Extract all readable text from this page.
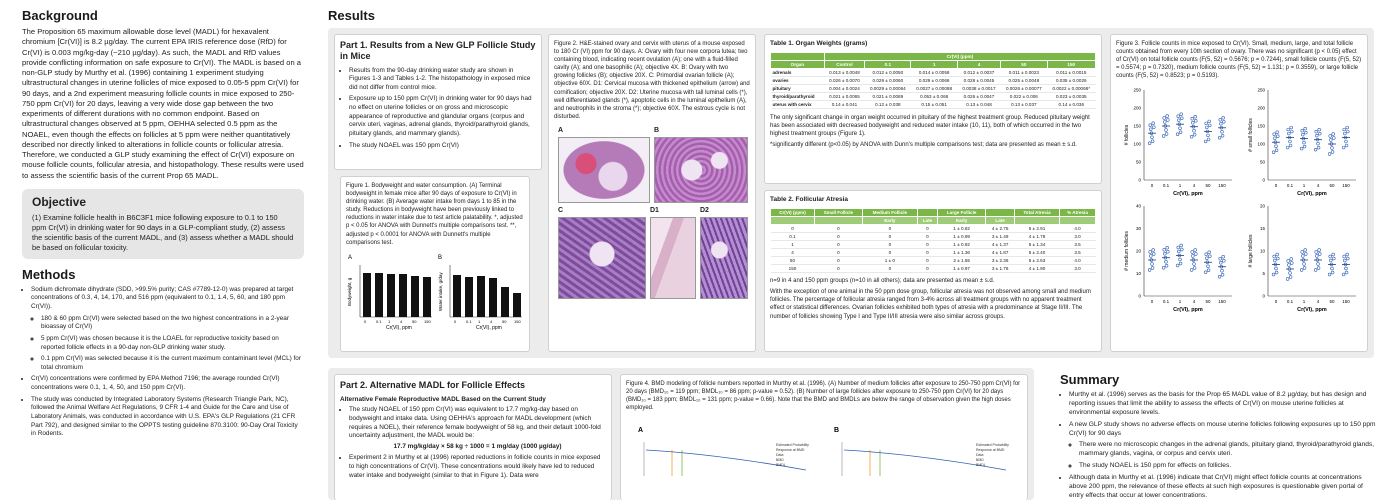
Background

The Proposition 65 maximum allowable dose level (MADL) for hexavalent chromium [Cr(VI)] is 8.2 µg/day. The current EPA IRIS reference dose (RfD) for Cr(VI) is 0.003 mg/kg-day (~210 µg/day). As such, the MADL and RfD values provide conflicting information on safe exposure to Cr(VI). The MADL is based on a non-GLP study by Murthy et al. (1996) containing 1 experiment studying ultrastructural changes in uterine follicles of mice exposed to 0.05-5 ppm Cr(VI) for 90 days, and a 2nd experiment measuring follicle counts in mice exposed to 250-750 ppm Cr(VI) for 20 days, leaving a very wide dose gap between the two experiments of different durations with no common endpoint. Based on ultrastructural changes observed at 5 ppm, OEHHA selected 0.5 ppm as the NOAEL, even though the effects on follicles at 5 ppm were neither quantitatively described nor directly linked to alterations in follicle counts or follicular atresia. Therefore, we conducted a GLP study examining the effect of Cr(VI) exposure on mouse follicle counts, follicular atresia, and histopathology. These results were used to assess the scientific basis of the current Prop 65 MADL.

Objective

(1) Examine follicle health in B6C3F1 mice following exposure to 0.1 to 150 ppm Cr(VI) in drinking water for 90 days in a GLP-compliant study, (2) assess the scientific basis of the current MADL, and (3) assess whether a MADL should be based on follicular toxicity.

Methods
• Sodium dichromate dihydrate (SDD, >99.5% purity; CAS #7789-12-0) was prepared at target concentrations of 0.3, 4, 14, 170, and 516 ppm (equivalent to 0.1, 1.4, 5, 60, and 180 ppm Cr(VI)).
◦ 180 & 60 ppm Cr(VI) were selected based on the two highest concentrations in a 2-year bioassay of Cr(VI)
◦ 5 ppm Cr(VI) was chosen because it is the LOAEL for reproductive toxicity based on reported follicle effects in a 90-day non-GLP drinking water study.
◦ 0.1 ppm Cr(VI) was selected because it is the current maximum contaminant level (MCL) for total chromium
• Cr(VI) concentrations were confirmed by EPA Method 7196; the average rounded Cr(VI) concentrations were 0.1, 1, 4, 50, and 150 ppm Cr(VI).
• The study was conducted by Integrated Laboratory Systems (Research Triangle Park, NC), followed the Animal Welfare Act Regulations, 9 CFR 1-4 and Guide for the Care and Use of Laboratory Animals, was conducted in accordance with U.S. EPA's GLP Regulations (21 CFR Part 792), and designed similar to the OPPTS testing guideline 870.3100: 90-Day Oral Toxicity in Rodents.
Results
Part 1. Results from a New GLP Follicle Study in Mice
• Results from the 90-day drinking water study are shown in Figures 1-3 and Tables 1-2. The histopathology in exposed mice did not differ from control mice.
• Exposure up to 150 ppm Cr(VI) in drinking water for 90 days had no effect on uterine follicles or on gross and microscopic appearance of reproductive and glandular organs (corpus and cervix uteri, vaginas, adrenal glands, thyroid/parathyroid glands, pituitary glands, and mammary glands).
• The study NOAEL was 150 ppm Cr(VI)

Figure 1. Bodyweight and water consumption. (A) Terminal bodyweight in female mice after 90 days of exposure to Cr(VI) in drinking water. (B) Average water intake from days 1 to 85 in the study. Reductions in bodyweight have been previously linked to reductions in water intake due to test article palatability. *, adjusted p < 0.05 for ANOVA with Dunnett's multiple comparisons test. **, adjusted p < 0.0001 for ANOVA with Dunnett's multiple comparisons test.

A	B
0 0.1 1 4 50 150	0 0.1 1 4 50 150
Cr(VI), ppm	Cr(VI), ppm
Bodyweight, g	Water intake, g/day

Figure 2. H&E-stained ovary and cervix with uterus of a mouse exposed to 180 Cr (VI) ppm for 90 days. A: Ovary with four new corpora lutea; two containing blood, indicating recent ovulation (A); one with a fluid-filled cavity (A); and one basophilic (A); objective 4X. B: Ovary with two growing follicles (B); objective 20X. C: Primordial ovarian follicle (A); objective 60X. D1: Cervical mucosa with thickened epithelium (arrow) and cornification; objective 20X. D2: Uterine mucosa with tall luminal cells (*), well differentiated glands (*), apoptotic cells in the luminal epithelium (A), and neutrophils in the stroma (*); objective 60X. The estrous cycle is not disturbed.

A	B
C	D1	D2
Table 1. Organ Weights (grams)
	Cr(VI) (ppm)					
Organ	Control	0.1	1	4	50	150
adrenals	0.013 ± 0.0048	0.012 ± 0.0050	0.014 ± 0.0058	0.012 ± 0.0037	0.011 ± 0.0023	0.011 ± 0.0015
ovaries	0.026 ± 0.0070	0.029 ± 0.0060	0.029 ± 0.0066	0.028 ± 0.0045	0.025 ± 0.0048	0.035 ± 0.0026
pituitary	0.004 ± 0.0024	0.0029 ± 0.00064	0.0027 ± 0.00088	0.0038 ± 0.0017	0.0026 ± 0.00077	0.0022 ± 0.00068*
thyroid/parathyroid	0.021 ± 0.0065	0.021 ± 0.0089	0.053 ± 0.068	0.026 ± 0.0047	0.022 ± 0.006	0.023 ± 0.0035
uterus with cervix	0.14 ± 0.041	0.12 ± 0.038	0.15 ± 0.051	0.13 ± 0.048	0.13 ± 0.037	0.14 ± 0.036

The only significant change in organ weight occurred in pituitary of the highest treatment group. Reduced pituitary weight has been associated with decreased bodyweight and reduced water intake (10, 11), both of which occurred in the two highest treatment groups (Figure 1).

*significantly different (p<0.05) by ANOVA with Dunn's multiple comparisons test; data are presented as mean ± s.d.

Table 2. Follicular Atresia
Cr(VI) (ppm)	Small Follicle	Medium Follicle		Large Follicle		Total Atresia	% Atresia
		Early	Late	Early	Late		
0	0	0	0	1 ± 0.82	4 ± 2.75	5 ± 2.91	4.0
0.1	0	0	0	1 ± 0.99	3 ± 1.49	4 ± 1.78	3.0
1	0	0	0	1 ± 0.92	4 ± 1.37	5 ± 1.34	3.5
4	0	0	0	1 ± 1.36	4 ± 1.87	5 ± 2.40	3.5
50	0	1 ± 0	0	2 ± 1.55	3 ± 2.36	5 ± 2.63	4.0
150	0	0	0	1 ± 0.97	3 ± 1.76	4 ± 1.90	3.0

n=9 in 4 and 150 ppm groups (n=10 in all others); data are presented as mean ± s.d.

With the exception of one animal in the 50 ppm dose group, follicular atresia was not observed among small and medium follicles. The percentage of follicular atresia ranged from 3-4% across all treatment groups with no apparent treatment effect or statistical differences. Ovarian follicles exhibited both types of atresia with a predominance at Stage II/III. The number of follicles showing Type I and Type II/III atresia were also similar across groups.

Figure 3. Follicle counts in mice exposed to Cr(VI). Small, medium, large, and total follicle counts obtained from every 10th section of ovary. There was no significant (p < 0.05) effect of Cr(VI) on total follicle counts (F(5, 52) = 0.5676; p = 0.7244), small follicle counts (F(5, 52) = 0.5574; p = 0.7320), medium follicle counts (F(5, 52) = 1.131; p = 0.3559), or large follicle counts (F(5, 52) = 0.8523; p = 0.5193).

0
50
100
150
200
250
# follicles
0 0.1 1	4 50 150
Cr(VI), ppm
0
50
100
150
200
250
# small follicles
0 0.1 1	4 50 150
Cr(VI), ppm
0
10
20
30
40
# medium follicles
0 0.1 1	4 50 150
Cr(VI), ppm
0
5
10
15
20
# large follicles
0 0.1 1	4 50 150
Cr(VI), ppm
Part 2. Alternative MADL for Follicle Effects

Alternative Female Reproductive MADL Based on the Current Study

• The study NOAEL of 150 ppm Cr(VI) was equivalent to 17.7 mg/kg-day based on bodyweight and intake data. Using OEHHA's approach for MADL development (which requires a NOEL), their reference female bodyweight of 58 kg, and their default 1000-fold uncertainty adjustment, the MADL would be:
17.7 mg/kg/day × 58 kg ÷ 1000 = 1 mg/day (1000 µg/day)
• Experiment 2 in Murthy et al (1996) reported reductions in follicle counts in mice exposed to high concentrations of Cr(VI). These concentrations would likely have led to reduced water intake and bodyweight (similar to that in Figure 1). Data were

Figure 4. BMD modeling of follicle numbers reported in Murthy et al. (1996). (A) Number of medium follicles after exposure to 250-750 ppm Cr(VI) for 20 days (BMD₁₀ = 119 ppm; BMDL₁₀ = 86 ppm; p-value = 0.52). (B) Number of large follicles after exposure to 250-750 ppm Cr(VI) for 20 days (BMD₁₀ = 183 ppm; BMDL₁₀ = 131 ppm; p-value = 0.66). Note that the BMD and BMDLs are below the range of observation given the high doses employed.

A	B
Estimated Probability
Response at BMD
Data
BMD
BMDL
Estimated Probability
Response at BMD
Data
BMD
BMDL
Summary
• Murthy et al. (1996) serves as the basis for the Prop 65 MADL value of 8.2 µg/day, but has design and reporting issues that limit the ability to assess the effects of Cr(VI) on mouse uterine follicles at environmental exposure levels.
• A new GLP study shows no adverse effects on mouse uterine follicles following exposures up to 150 ppm Cr(VI) for 90 days
◦ There were no microscopic changes in the adrenal glands, pituitary gland, thyroid/parathyroid glands, mammary glands, vagina, or corpus and cervix uteri.
◦ The study NOAEL is 150 ppm for effects on follicles.
• Although data in Murthy et al. (1996) indicate that Cr(VI) might effect follicle counts at concentrations above 200 ppm, the relevance of these effects at such high exposures is questionable given portal of entry effects that occur at lower concentrations.
